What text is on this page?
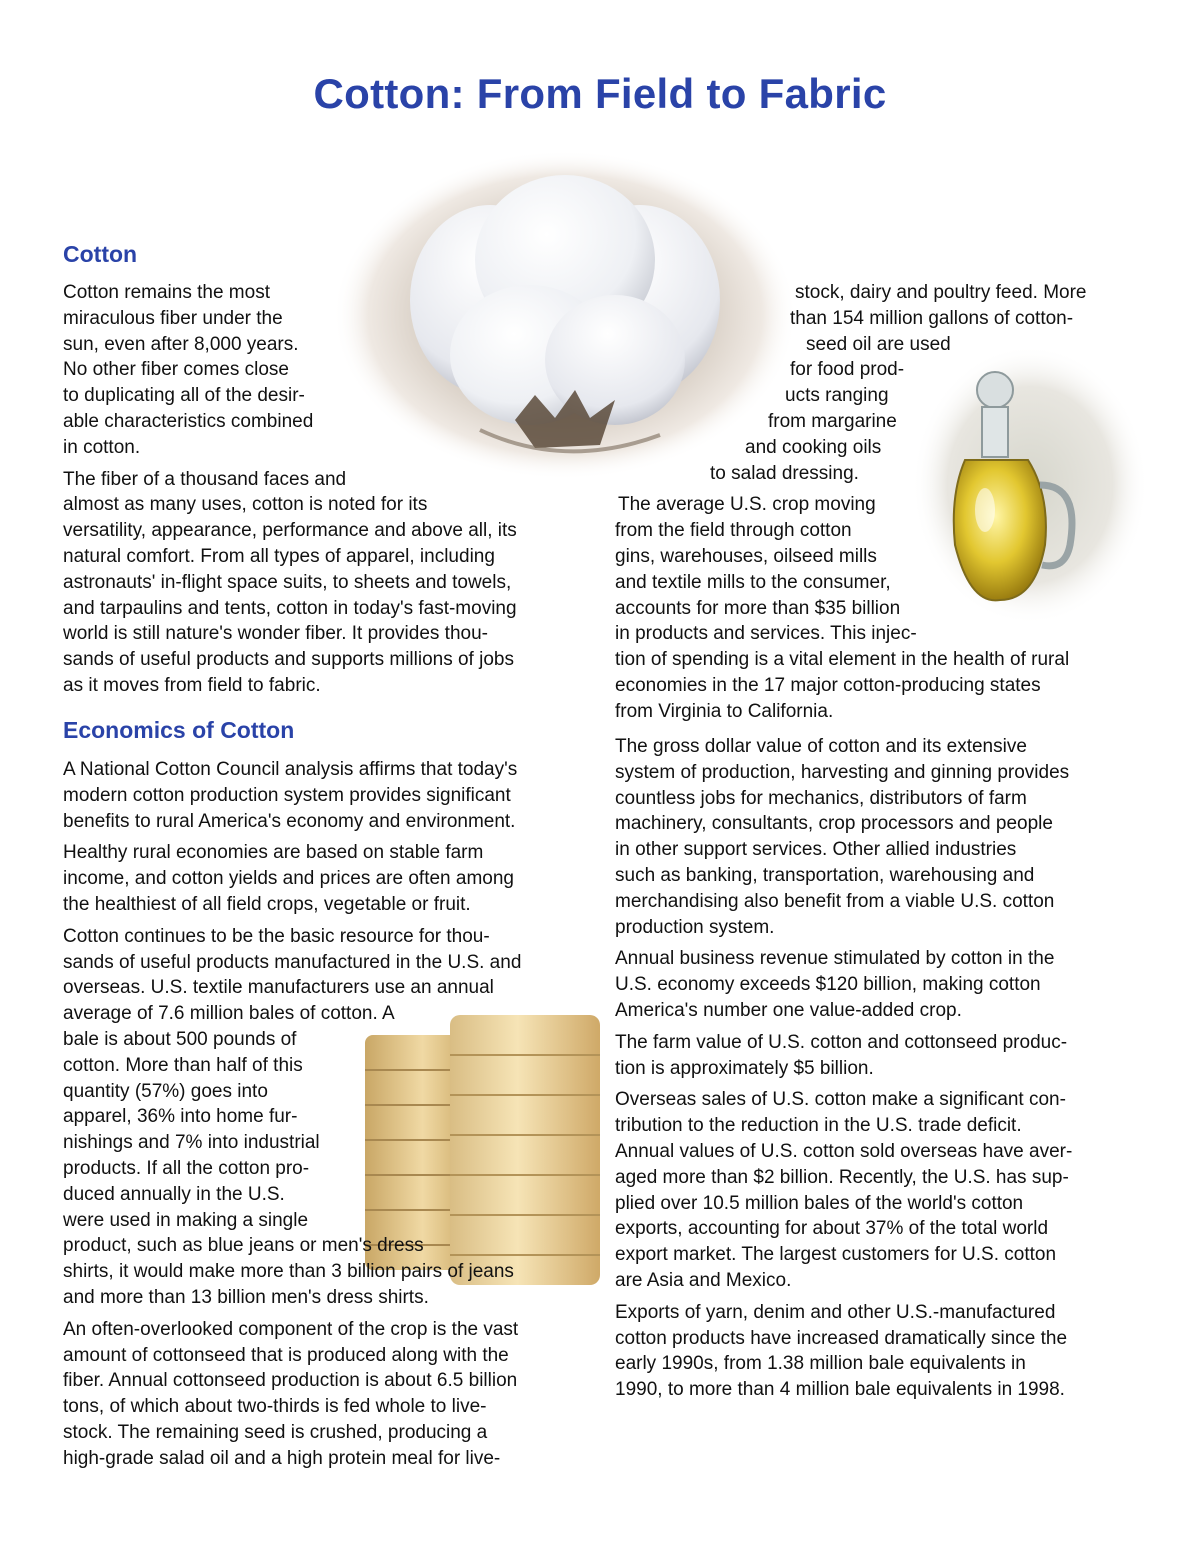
Cotton: From Field to Fabric
Cotton
Cotton remains the most
miraculous fiber under the
sun, even after 8,000 years.
No other fiber comes close
to duplicating all of the desir-
able characteristics combined
in cotton.
The fiber of a thousand faces and
almost as many uses, cotton is noted for its
versatility, appearance, performance and above all, its
natural comfort. From all types of apparel, including
astronauts' in-flight space suits, to sheets and towels,
and tarpaulins and tents, cotton in today's fast-moving
world is still nature's wonder fiber. It provides thou-
sands of useful products and supports millions of jobs
as it moves from field to fabric.
Economics of Cotton
A National Cotton Council analysis affirms that today's
modern cotton production system provides significant
benefits to rural America's economy and environment.
Healthy rural economies are based on stable farm
income, and cotton yields and prices are often among
the healthiest of all field crops, vegetable or fruit.
Cotton continues to be the basic resource for thou-
sands of useful products manufactured in the U.S. and
overseas. U.S. textile manufacturers use an annual
average of 7.6 million bales of cotton. A
bale is about 500 pounds of
cotton. More than half of this
quantity (57%) goes into
apparel, 36% into home fur-
nishings and 7% into industrial
products. If all the cotton pro-
duced annually in the U.S.
were used in making a single
product, such as blue jeans or men's dress
shirts, it would make more than 3 billion pairs of jeans
and more than 13 billion men's dress shirts.
An often-overlooked component of the crop is the vast
amount of cottonseed that is produced along with the
fiber. Annual cottonseed production is about 6.5 billion
tons, of which about two-thirds is fed whole to live-
stock. The remaining seed is crushed, producing a
high-grade salad oil and a high protein meal for live-
stock, dairy and poultry feed. More
than 154 million gallons of cotton-
seed oil are used
for food prod-
ucts ranging
from margarine
and cooking oils
to salad dressing.
The average U.S. crop moving
from the field through cotton
gins, warehouses, oilseed mills
and textile mills to the consumer,
accounts for more than $35 billion
in products and services. This injec-
tion of spending is a vital element in the health of rural
economies in the 17 major cotton-producing states
from Virginia to California.
The gross dollar value of cotton and its extensive
system of production, harvesting and ginning provides
countless jobs for mechanics, distributors of farm
machinery, consultants, crop processors and people
in other support services. Other allied industries
such as banking, transportation, warehousing and
merchandising also benefit from a viable U.S. cotton
production system.
Annual business revenue stimulated by cotton in the
U.S. economy exceeds $120 billion, making cotton
America's number one value-added crop.
The farm value of U.S. cotton and cottonseed produc-
tion is approximately $5 billion.
Overseas sales of U.S. cotton make a significant con-
tribution to the reduction in the U.S. trade deficit.
Annual values of U.S. cotton sold overseas have aver-
aged more than $2 billion. Recently, the U.S. has sup-
plied over 10.5 million bales of the world's cotton
exports, accounting for about 37% of the total world
export market. The largest customers for U.S. cotton
are Asia and Mexico.
Exports of yarn, denim and other U.S.-manufactured
cotton products have increased dramatically since the
early 1990s, from 1.38 million bale equivalents in
1990, to more than 4 million bale equivalents in 1998.
